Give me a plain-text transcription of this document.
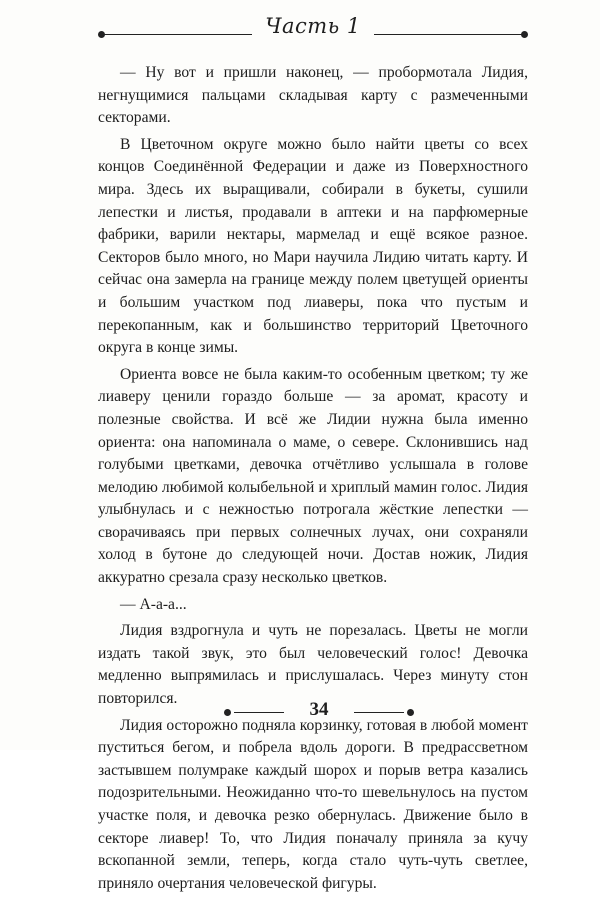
Часть 1

— Ну вот и пришли наконец, — пробормотала Лидия, негнущимися пальцами складывая карту с размеченными секторами.

В Цветочном округе можно было найти цветы со всех концов Соединённой Федерации и даже из Поверхностного мира. Здесь их выращивали, собирали в букеты, сушили лепестки и листья, продавали в аптеки и на парфюмерные фабрики, варили нектары, мармелад и ещё всякое разное. Секторов было много, но Мари научила Лидию читать карту. И сейчас она замерла на границе между полем цветущей ориенты и большим участком под лиаверы, пока что пустым и перекопанным, как и большинство территорий Цветочного округа в конце зимы.

Ориента вовсе не была каким-то особенным цветком; ту же лиаверу ценили гораздо больше — за аромат, красоту и полезные свойства. И всё же Лидии нужна была именно ориента: она напоминала о маме, о севере. Склонившись над голубыми цветками, девочка отчётливо услышала в голове мелодию любимой колыбельной и хриплый мамин голос. Лидия улыбнулась и с нежностью потрогала жёсткие лепестки — сворачиваясь при первых солнечных лучах, они сохраняли холод в бутоне до следующей ночи. Достав ножик, Лидия аккуратно срезала сразу несколько цветков.

— А-а-а...

Лидия вздрогнула и чуть не порезалась. Цветы не могли издать такой звук, это был человеческий голос! Девочка медленно выпрямилась и прислушалась. Через минуту стон повторился.

Лидия осторожно подняла корзинку, готовая в любой момент пуститься бегом, и побрела вдоль дороги. В предрассветном застывшем полумраке каждый шорох и порыв ветра казались подозрительными. Неожиданно что-то шевельнулось на пустом участке поля, и девочка резко обернулась. Движение было в секторе лиавер! То, что Лидия поначалу приняла за кучу вскопанной земли, теперь, когда стало чуть-чуть светлее, приняло очертания человеческой фигуры.

34
